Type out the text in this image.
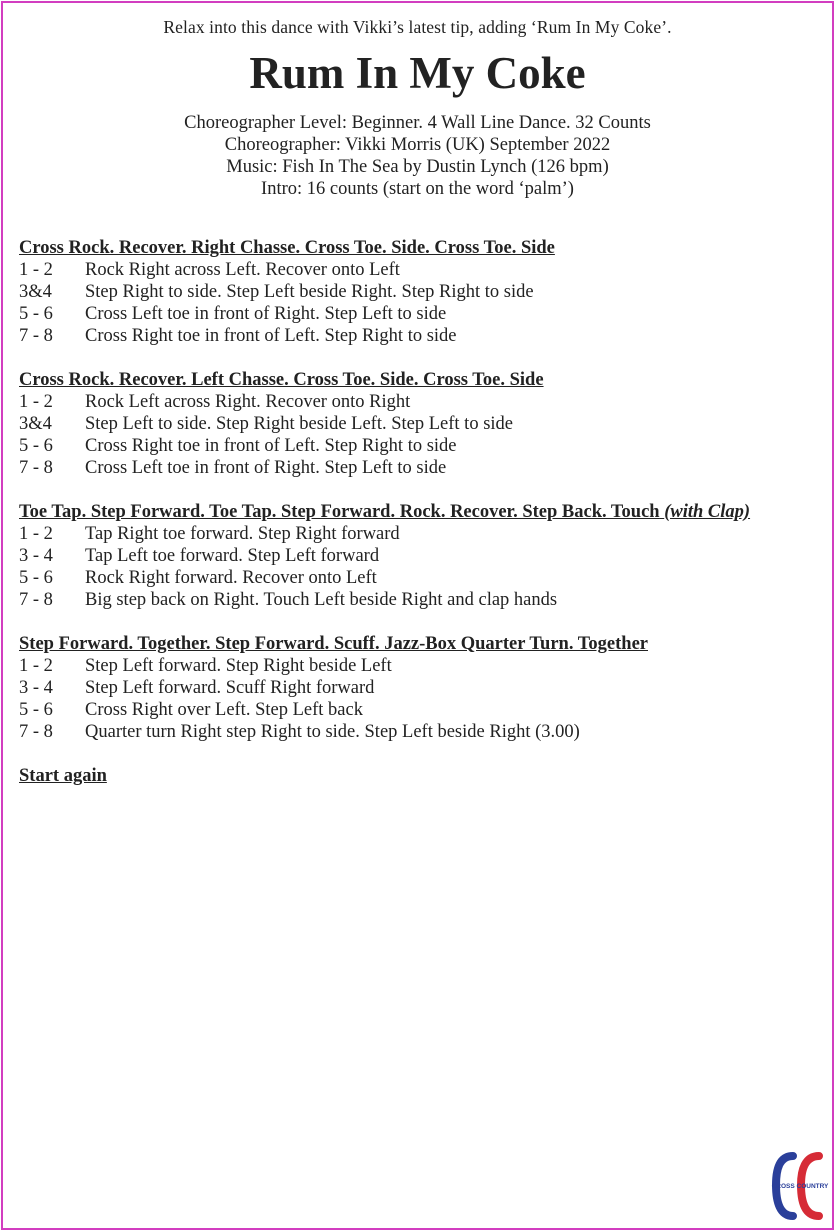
Relax into this dance with Vikki’s latest tip, adding ‘Rum In My Coke’.
Rum In My Coke
Choreographer Level: Beginner. 4 Wall Line Dance. 32 Counts
Choreographer: Vikki Morris (UK) September 2022
Music: Fish In The Sea by Dustin Lynch (126 bpm)
Intro: 16 counts (start on the word ‘palm’)
Cross Rock. Recover. Right Chasse. Cross Toe. Side. Cross Toe. Side
1 - 2	Rock Right across Left. Recover onto Left
3&4	Step Right to side. Step Left beside Right. Step Right to side
5 - 6	Cross Left toe in front of Right. Step Left to side
7 - 8	Cross Right toe in front of Left. Step Right to side
Cross Rock. Recover. Left Chasse. Cross Toe. Side. Cross Toe. Side
1 - 2	Rock Left across Right. Recover onto Right
3&4	Step Left to side. Step Right beside Left. Step Left to side
5 - 6	Cross Right toe in front of Left. Step Right to side
7 - 8	Cross Left toe in front of Right. Step Left to side
Toe Tap. Step Forward. Toe Tap. Step Forward. Rock. Recover. Step Back. Touch (with Clap)
1 - 2	Tap Right toe forward. Step Right forward
3 - 4	Tap Left toe forward. Step Left forward
5 - 6	Rock Right forward. Recover onto Left
7 - 8	Big step back on Right. Touch Left beside Right and clap hands
Step Forward. Together. Step Forward. Scuff. Jazz-Box Quarter Turn. Together
1 - 2	Step Left forward. Step Right beside Left
3 - 4	Step Left forward. Scuff Right forward
5 - 6	Cross Right over Left. Step Left back
7 - 8	Quarter turn Right step Right to side. Step Left beside Right (3.00)
Start again
CROSS COUNTRY
